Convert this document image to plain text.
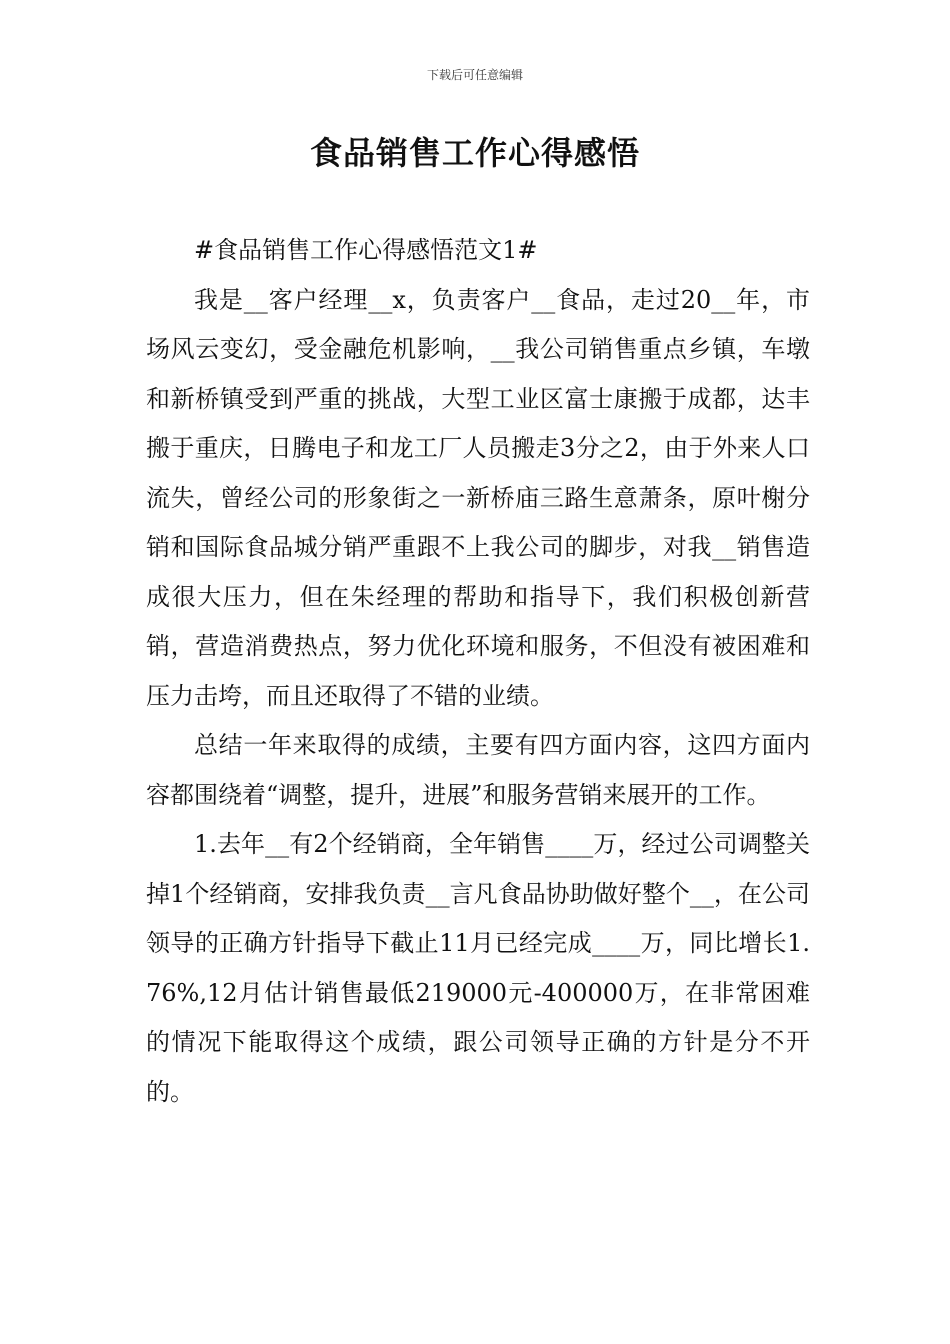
下载后可任意编辑
食品销售工作心得感悟

#食品销售工作心得感悟范文1#

我是__客户经理__x，负责客户__食品，走过20__年，市场风云变幻，受金融危机影响，__我公司销售重点乡镇，车墩和新桥镇受到严重的挑战，大型工业区富士康搬于成都，达丰搬于重庆，日腾电子和龙工厂人员搬走3分之2，由于外来人口流失，曾经公司的形象街之一新桥庙三路生意萧条，原叶榭分销和国际食品城分销严重跟不上我公司的脚步，对我__销售造成很大压力，但在朱经理的帮助和指导下，我们积极创新营销，营造消费热点，努力优化环境和服务，不但没有被困难和压力击垮，而且还取得了不错的业绩。

总结一年来取得的成绩，主要有四方面内容，这四方面内容都围绕着“调整，提升，进展”和服务营销来展开的工作。

1.去年__有2个经销商，全年销售____万，经过公司调整关掉1个经销商，安排我负责__言凡食品协助做好整个__，在公司领导的正确方针指导下截止11月已经完成____万，同比增长1.76%,12月估计销售最低219000元-400000万，在非常困难的情况下能取得这个成绩，跟公司领导正确的方针是分不开的。
